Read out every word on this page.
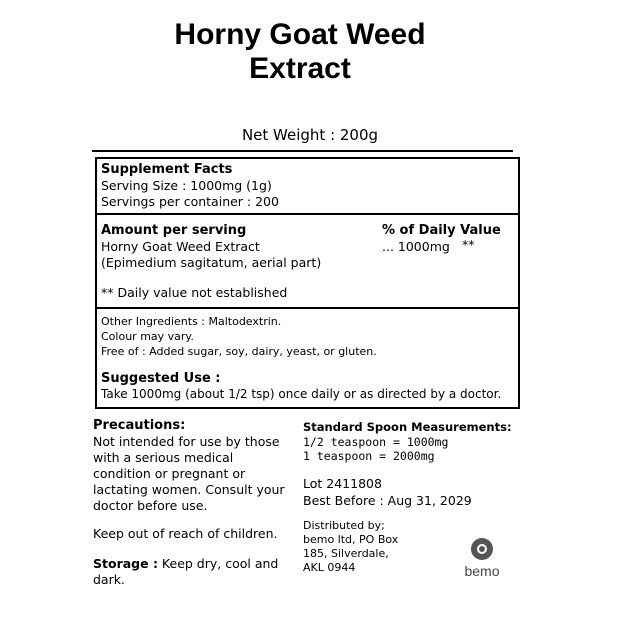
Horny Goat Weed
Extract
Net Weight : 200g
Supplement Facts
Serving Size : 1000mg (1g)
Servings per container : 200
Amount per serving	% of Daily Value
Horny Goat Weed Extract	... 1000mg **
(Epimedium sagitatum, aerial part)
** Daily value not established
Other Ingredients : Maltodextrin.
Colour may vary.
Free of : Added sugar, soy, dairy, yeast, or gluten.
Suggested Use :
Take 1000mg (about 1/2 tsp) once daily or as directed by a doctor.
Precautions:
Not intended for use by those
with a serious medical
condition or pregnant or
lactating women. Consult your
doctor before use.
Keep out of reach of children.
Storage : Keep dry, cool and
dark.
Standard Spoon Measurements:
1/2 teaspoon = 1000mg
1 teaspoon = 2000mg
Lot 2411808
Best Before : Aug 31, 2029
Distributed by;
bemo ltd, PO Box
185, Silverdale,
AKL 0944	bemo
